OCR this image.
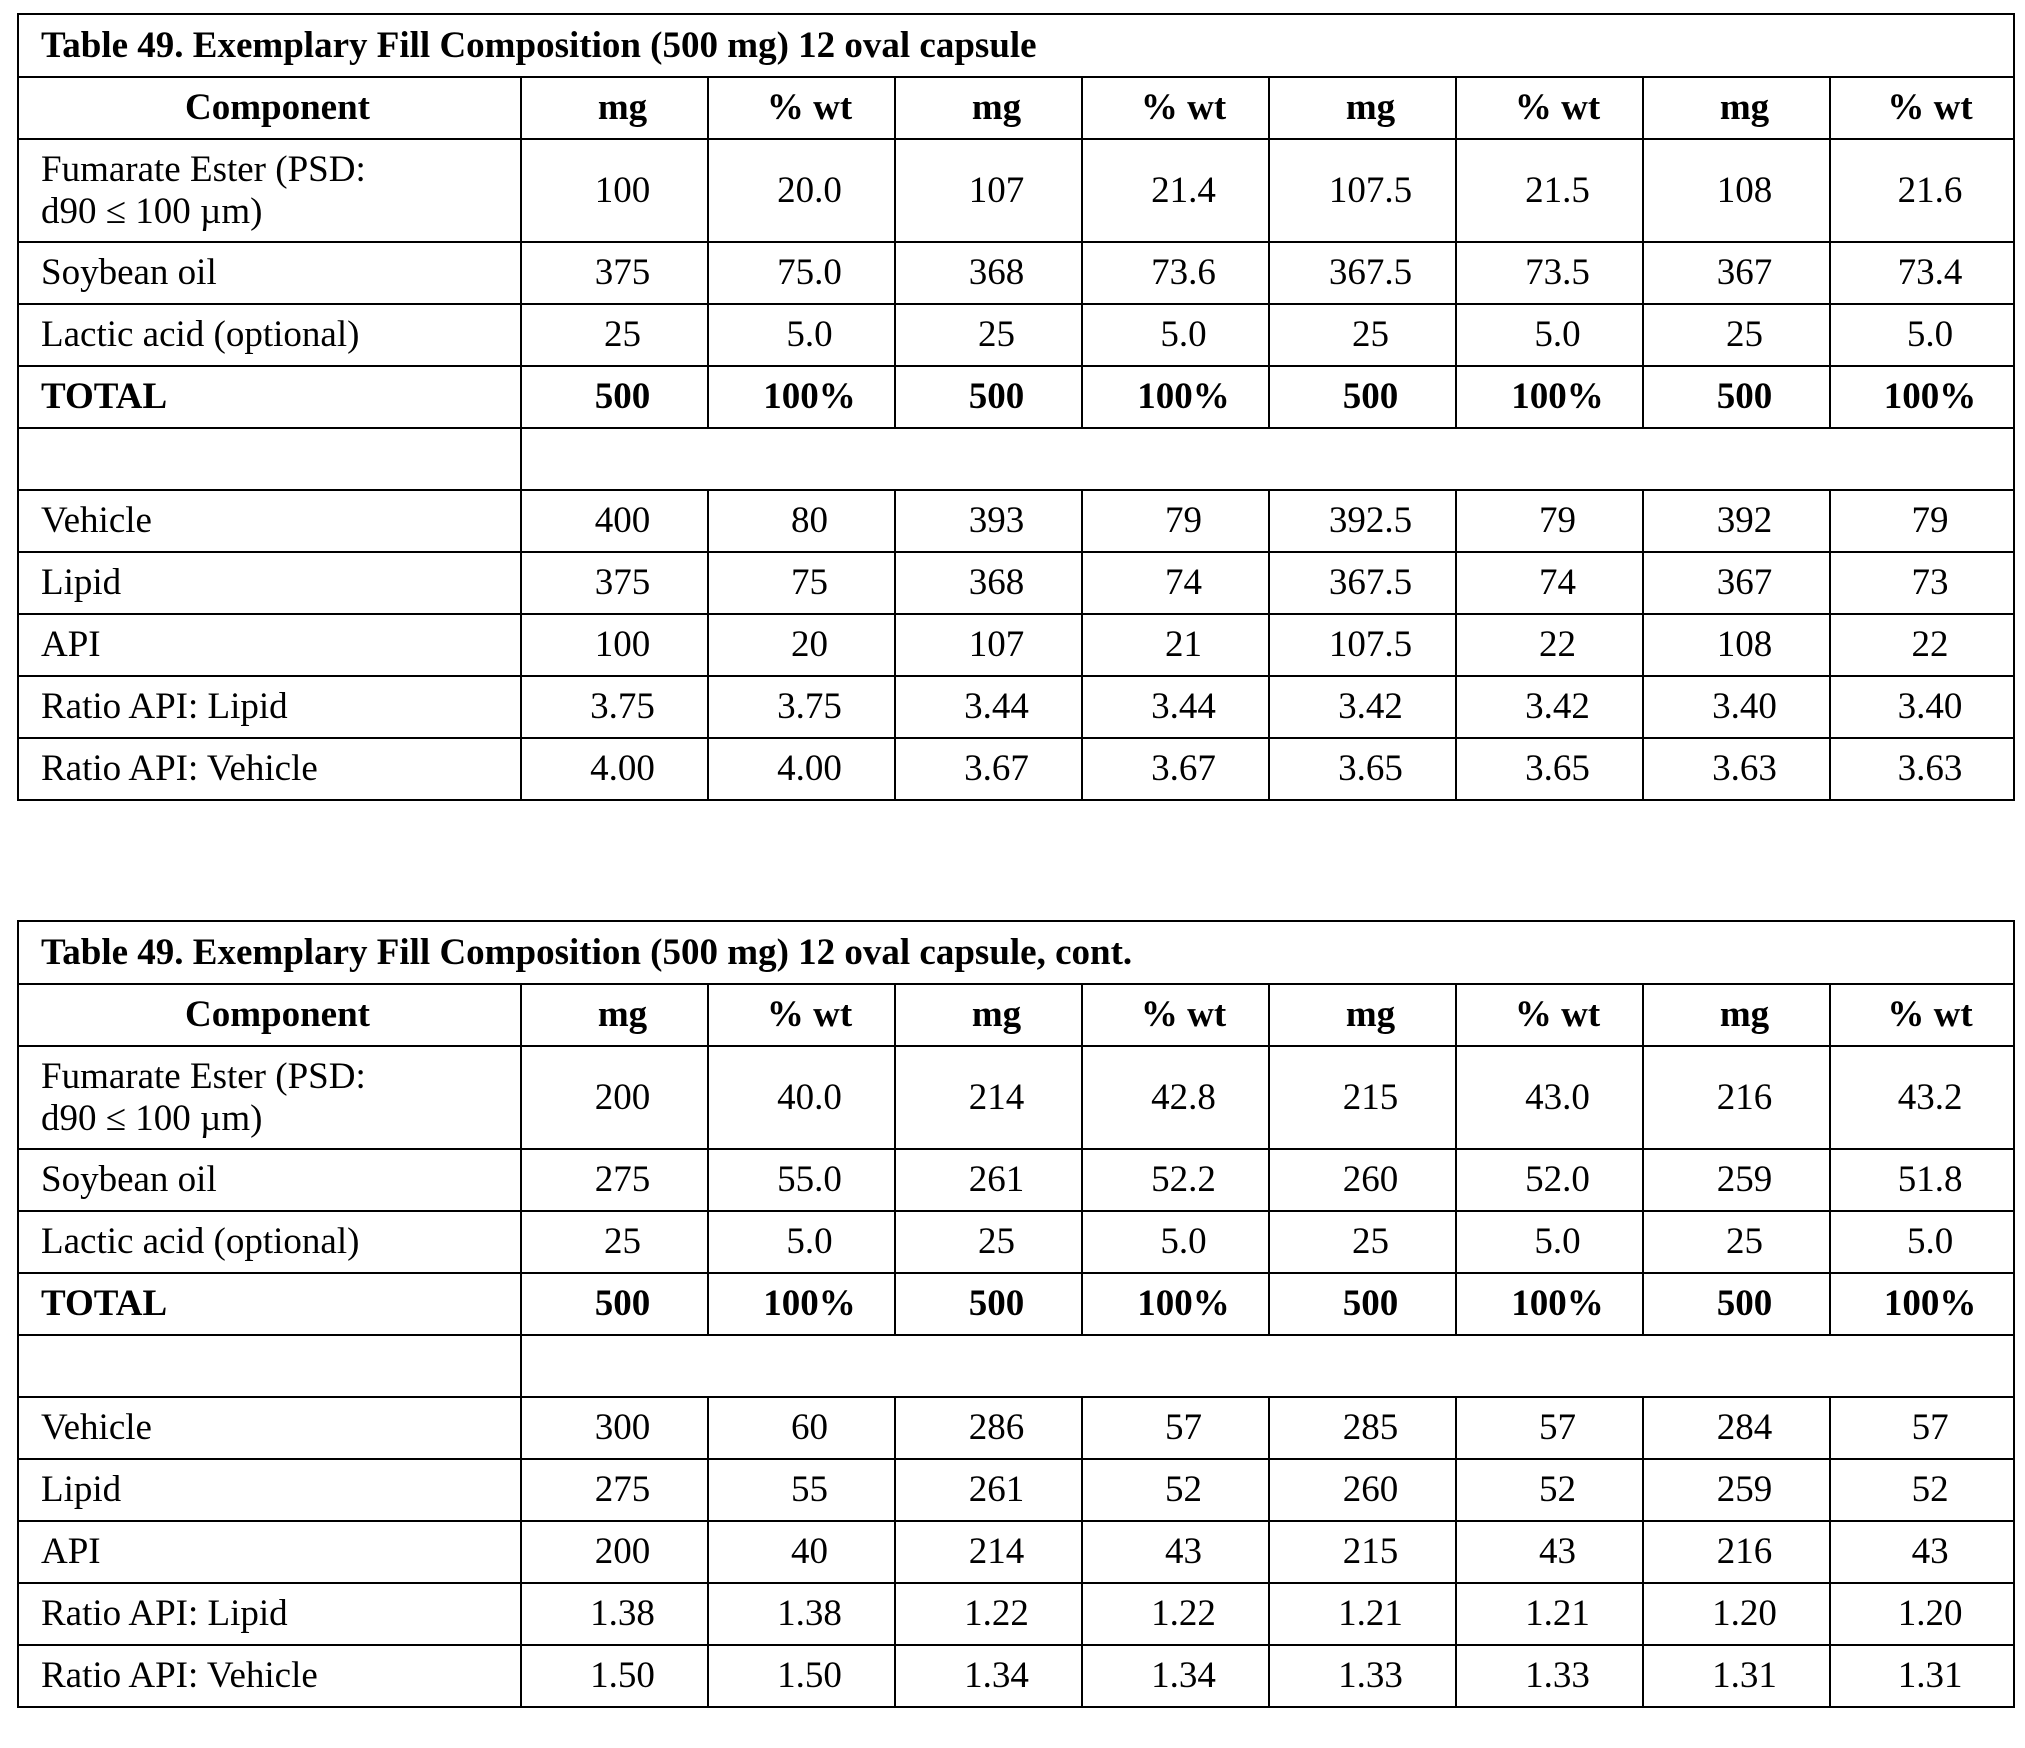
Table 49. Exemplary Fill Composition (500 mg) 12 oval capsule
Component	mg	% wt	mg	% wt	mg	% wt	mg	% wt
Fumarate Ester (PSD:
d90 ≤ 100 µm)	100	20.0	107	21.4	107.5	21.5	108	21.6
Soybean oil	375	75.0	368	73.6	367.5	73.5	367	73.4
Lactic acid (optional)	25	5.0	25	5.0	25	5.0	25	5.0
TOTAL	500	100%	500	100%	500	100%	500	100%

Vehicle	400	80	393	79	392.5	79	392	79
Lipid	375	75	368	74	367.5	74	367	73
API	100	20	107	21	107.5	22	108	22
Ratio API: Lipid	3.75	3.75	3.44	3.44	3.42	3.42	3.40	3.40
Ratio API: Vehicle	4.00	4.00	3.67	3.67	3.65	3.65	3.63	3.63
Table 49. Exemplary Fill Composition (500 mg) 12 oval capsule, cont.
Component	mg	% wt	mg	% wt	mg	% wt	mg	% wt
Fumarate Ester (PSD:
d90 ≤ 100 µm)	200	40.0	214	42.8	215	43.0	216	43.2
Soybean oil	275	55.0	261	52.2	260	52.0	259	51.8
Lactic acid (optional)	25	5.0	25	5.0	25	5.0	25	5.0
TOTAL	500	100%	500	100%	500	100%	500	100%

Vehicle	300	60	286	57	285	57	284	57
Lipid	275	55	261	52	260	52	259	52
API	200	40	214	43	215	43	216	43
Ratio API: Lipid	1.38	1.38	1.22	1.22	1.21	1.21	1.20	1.20
Ratio API: Vehicle	1.50	1.50	1.34	1.34	1.33	1.33	1.31	1.31
